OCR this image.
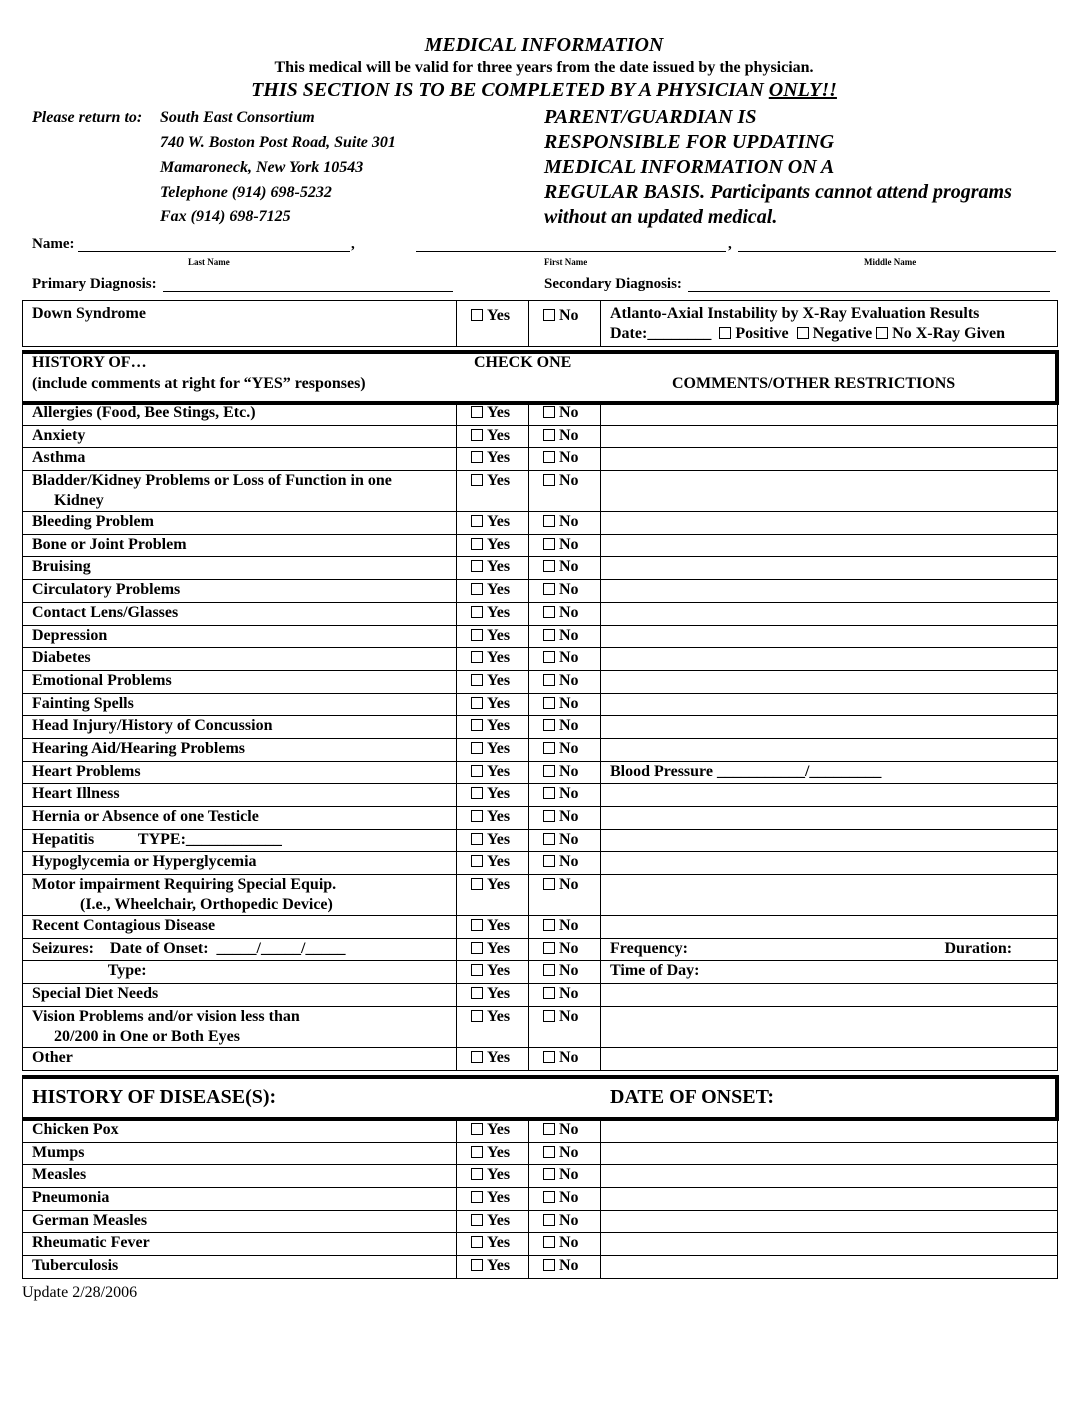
MEDICAL INFORMATION
This medical will be valid for three years from the date issued by the physician.
THIS SECTION IS TO BE COMPLETED BY A PHYSICIAN ONLY!!
Please return to: South East Consortium
740 W. Boston Post Road, Suite 301
Mamaroneck, New York 10543
Telephone (914) 698-5232
Fax (914) 698-7125
PARENT/GUARDIAN IS
RESPONSIBLE FOR UPDATING
MEDICAL INFORMATION ON A
REGULAR BASIS. Participants cannot attend programs
without an updated medical.
Name:	,	,
Last Name	First Name	Middle Name
Primary Diagnosis:	Secondary Diagnosis:
Down Syndrome	Yes	No	Atlanto-Axial Instability by X-Ray Evaluation Results
Date:________ Positive Negative No X-Ray Given
HISTORY OF…
(include comments at right for “YES” responses)
CHECK ONE
COMMENTS/OTHER RESTRICTIONS
Allergies (Food, Bee Stings, Etc.)	Yes	No	
Anxiety	Yes	No	
Asthma	Yes	No	

Bladder/Kidney Problems or Loss of Function in one
Kidney	Yes	No	
Bleeding Problem	Yes	No	
Bone or Joint Problem	Yes	No	
Bruising	Yes	No	
Circulatory Problems	Yes	No	
Contact Lens/Glasses	Yes	No	
Depression	Yes	No	
Diabetes	Yes	No	
Emotional Problems	Yes	No	
Fainting Spells	Yes	No	
Head Injury/History of Concussion	Yes	No	
Hearing Aid/Hearing Problems	Yes	No	
Heart Problems	Yes	No	Blood Pressure ___________/_________
Heart Illness	Yes	No	
Hernia or Absence of one Testicle	Yes	No	
Hepatitis           TYPE:____________	Yes	No	
Hypoglycemia or Hyperglycemia	Yes	No	

Motor impairment Requiring Special Equip.
(I.e., Wheelchair, Orthopedic Device)	Yes	No	
Recent Contagious Disease	Yes	No	
Seizures:    Date of Onset:  _____/_____/_____	Yes	No	Frequency: Duration:

Type:	Yes	No	Time of Day:
Special Diet Needs	Yes	No	

Vision Problems and/or vision less than
20/200 in One or Both Eyes	Yes	No	
Other	Yes	No	
HISTORY OF DISEASE(S):	DATE OF ONSET:
Chicken Pox	Yes	No	
Mumps	Yes	No	
Measles	Yes	No	
Pneumonia	Yes	No	
German Measles	Yes	No	
Rheumatic Fever	Yes	No	
Tuberculosis	Yes	No	
Update 2/28/2006
